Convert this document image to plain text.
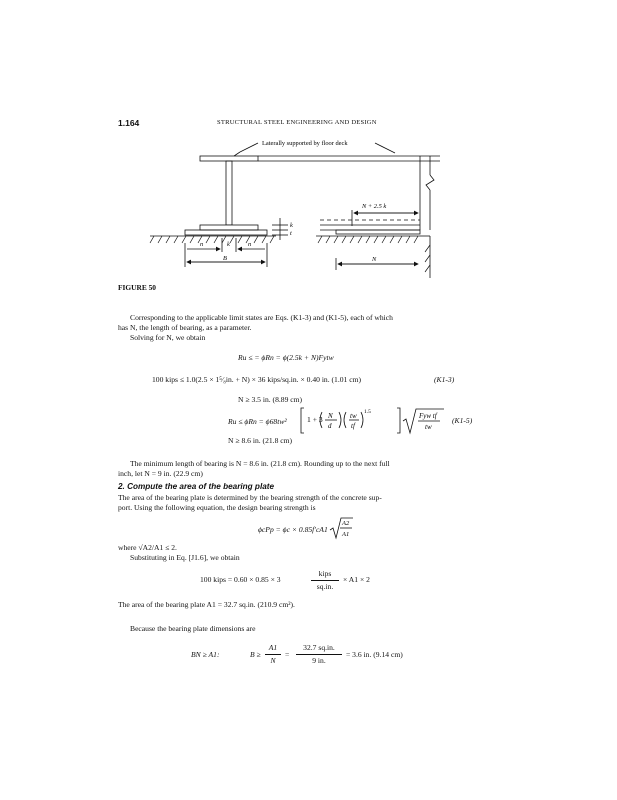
1.164	STRUCTURAL STEEL ENGINEERING AND DESIGN
Laterally supported by floor deck
N + 2.5 k
n	k	n
k
t
B	N
FIGURE 50
Corresponding to the applicable limit states are Eqs. (K1-3) and (K1-5), each of which
has N, the length of bearing, as a parameter.
Solving for N, we obtain
Ru ≤ = ϕRn = ϕ(2.5k + N)Fytw
100 kips ≤ 1.0(2.5 × 1⁵⁄₈in. + N) × 36 kips/sq.in. × 0.40 in. (1.01 cm)	(K1-3)
N ≥ 3.5 in. (8.89 cm)
Ru ≤ ϕRn = ϕ68tw²	1 + 3 N
d
tw
tf
1.5	Fyw tf
tw
(K1-5)
N ≥ 8.6 in. (21.8 cm)
The minimum length of bearing is N = 8.6 in. (21.8 cm). Rounding up to the next full
inch, let N = 9 in. (22.9 cm)
2. Compute the area of the bearing plate
The area of the bearing plate is determined by the bearing strength of the concrete sup-
port. Using the following equation, the design bearing strength is
ϕcPp = ϕc × 0.85f′cA1
A2
A1
where √A2/A1 ≤ 2.
Substituting in Eq. [J1.6], we obtain
100 kips = 0.60 × 0.85 × 3
kips
sq.in.
× A1 × 2
The area of the bearing plate A1 = 32.7 sq.in. (210.9 cm²).
Because the bearing plate dimensions are
BN ≥ A1:	B ≥
A1
N
=
32.7 sq.in.
9 in.
= 3.6 in. (9.14 cm)
